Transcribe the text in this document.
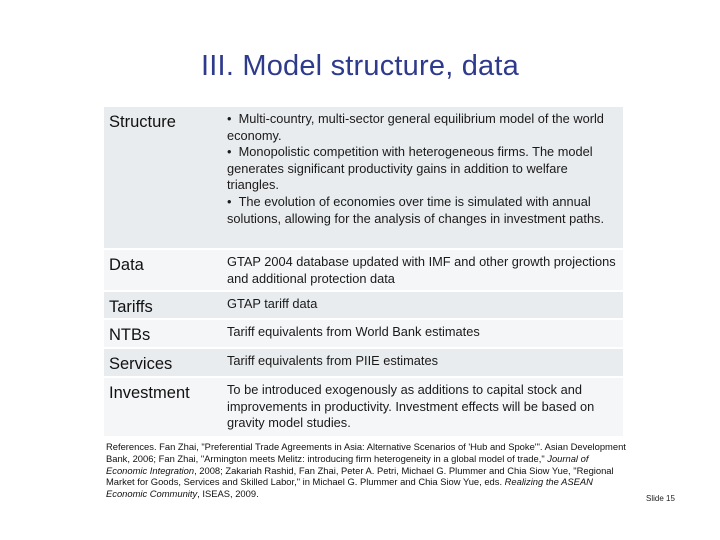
III. Model structure, data
Structure
•	Multi-country, multi-sector general equilibrium model of the world economy.
•  Monopolistic competition with heterogeneous firms. The model generates significant productivity gains in addition to welfare triangles.
•  The evolution of economies over time is simulated with annual solutions, allowing for the analysis of changes in investment paths.
Data	GTAP 2004 database updated with IMF and other growth projections and additional protection data
Tariffs	GTAP tariff data
NTBs	Tariff equivalents from World Bank estimates
Services	Tariff equivalents from PIIE estimates
Investment	To be introduced exogenously as additions to capital stock and improvements in productivity. Investment effects will be based on gravity model studies.
References. Fan Zhai, "Preferential Trade Agreements in Asia: Alternative Scenarios of 'Hub and Spoke'". Asian Development Bank, 2006; Fan Zhai, "Armington meets Melitz: introducing firm heterogeneity in a global model of trade," Journal of Economic Integration, 2008; Zakariah Rashid, Fan Zhai, Peter A. Petri, Michael G. Plummer and Chia Siow Yue, "Regional Market for Goods, Services and Skilled Labor," in Michael G. Plummer and Chia Siow Yue, eds. Realizing the ASEAN Economic Community, ISEAS, 2009.	Slide 15
